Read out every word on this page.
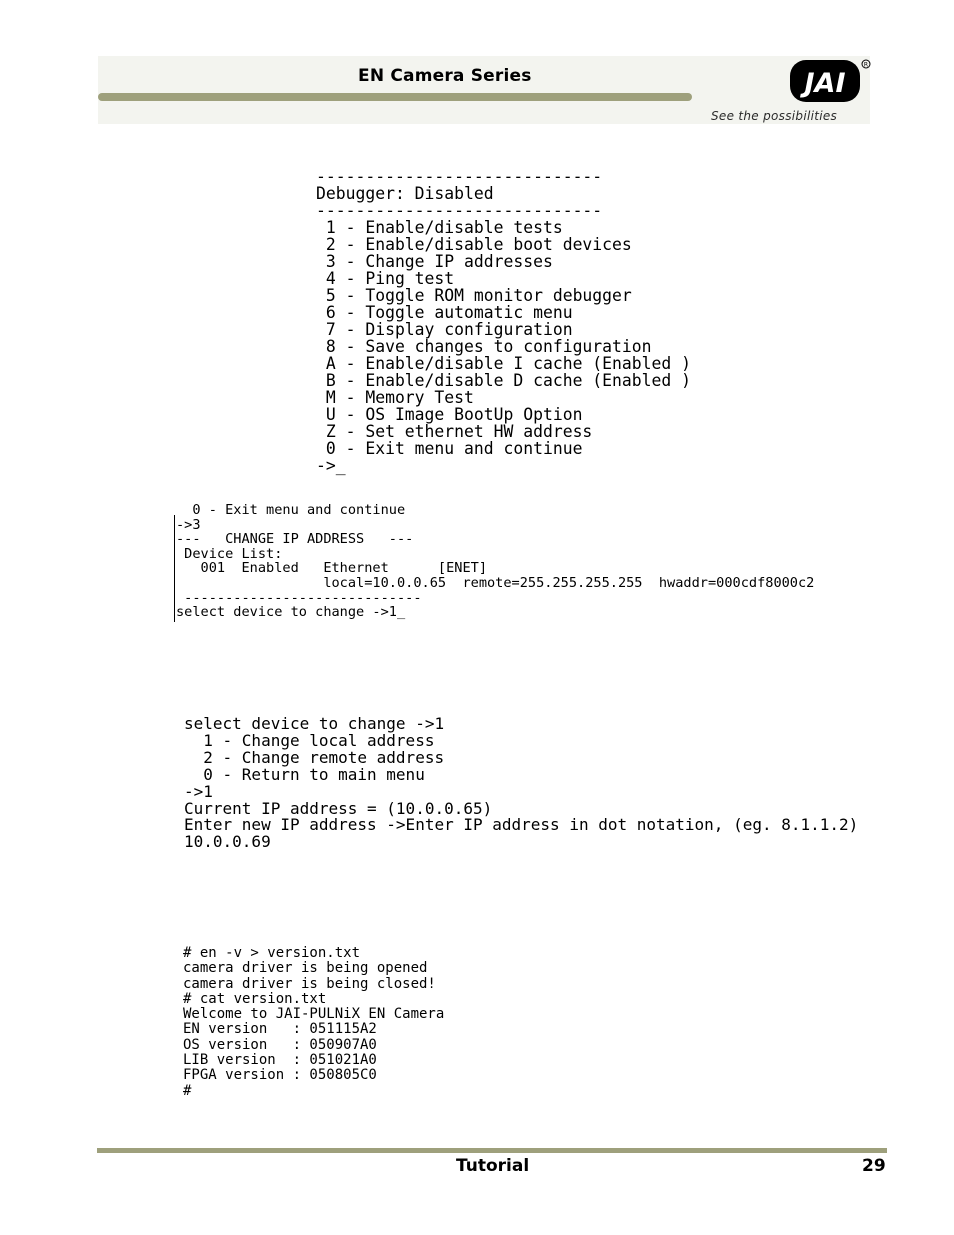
EN Camera Series	JAI
R
See the possibilities
-----------------------------
Debugger: Disabled
-----------------------------
1 - Enable/disable tests
2 - Enable/disable boot devices
3 - Change IP addresses
4 - Ping test
5 - Toggle ROM monitor debugger
6 - Toggle automatic menu
7 - Display configuration
8 - Save changes to configuration
A - Enable/disable I cache (Enabled )
B - Enable/disable D cache (Enabled )
M - Memory Test
U - OS Image BootUp Option
Z - Set ethernet HW address
0 - Exit menu and continue
->_
0 - Exit menu and continue
->3
---   CHANGE IP ADDRESS   ---
Device List:
001  Enabled   Ethernet      [ENET]
local=10.0.0.65  remote=255.255.255.255  hwaddr=000cdf8000c2
-----------------------------
select device to change ->1_
select device to change ->1
1 - Change local address
2 - Change remote address
0 - Return to main menu
->1
Current IP address = (10.0.0.65)
Enter new IP address ->Enter IP address in dot notation, (eg. 8.1.1.2)
10.0.0.69
# en -v > version.txt
camera driver is being opened
camera driver is being closed!
# cat version.txt
Welcome to JAI-PULNiX EN Camera
EN version   : 051115A2
OS version   : 050907A0
LIB version  : 051021A0
FPGA version : 050805C0
#
Tutorial	29
